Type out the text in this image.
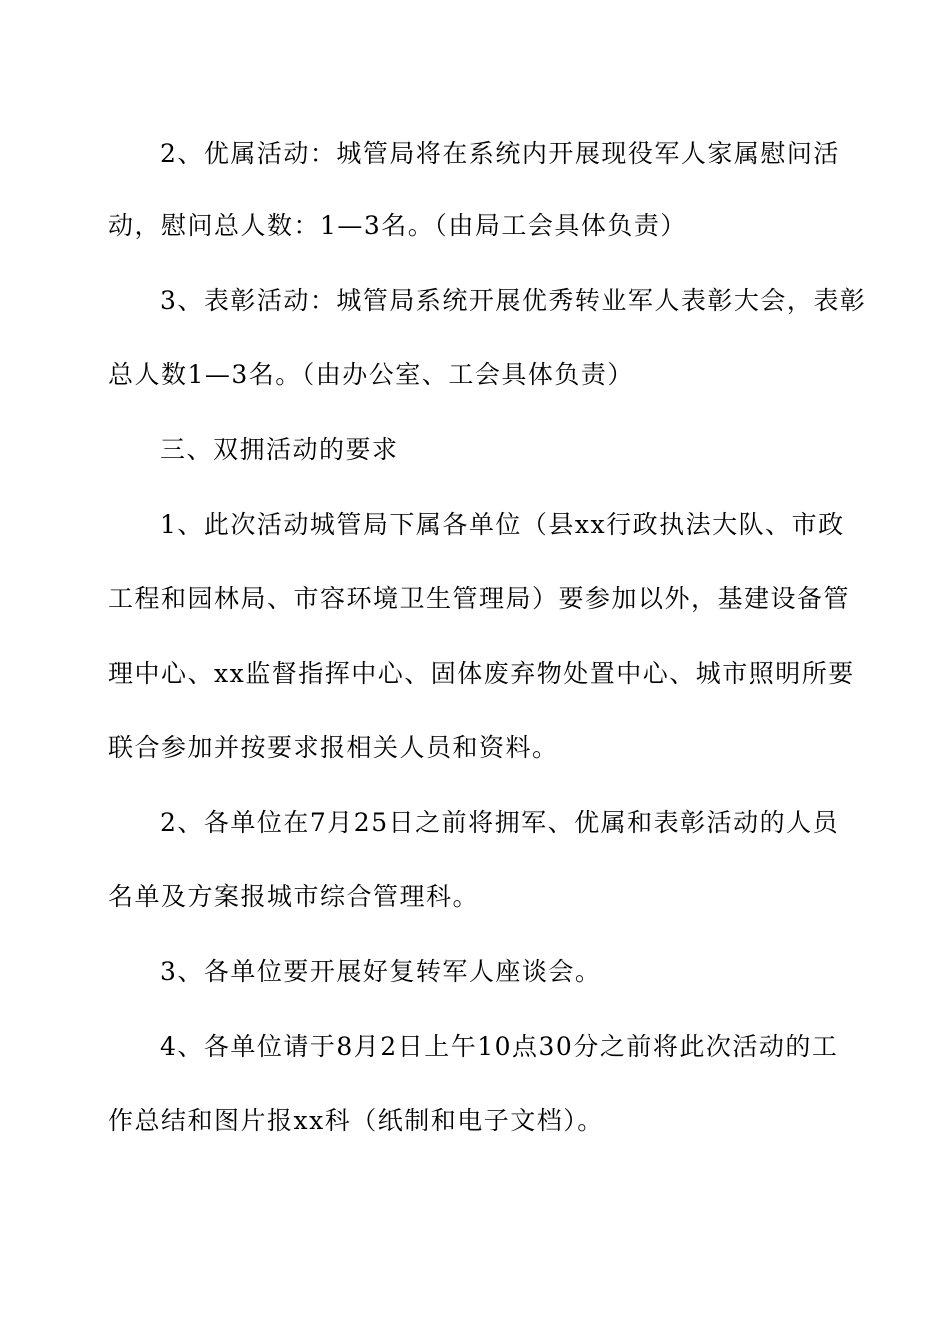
2、优属活动：城管局将在系统内开展现役军人家属慰问活
动，慰问总人数：1—3名。（由局工会具体负责）
3、表彰活动：城管局系统开展优秀转业军人表彰大会，表彰
总人数1—3名。（由办公室、工会具体负责）
三、双拥活动的要求
1、此次活动城管局下属各单位（县xx行政执法大队、市政
工程和园林局、市容环境卫生管理局）要参加以外，基建设备管
理中心、xx监督指挥中心、固体废弃物处置中心、城市照明所要
联合参加并按要求报相关人员和资料。
2、各单位在7月25日之前将拥军、优属和表彰活动的人员
名单及方案报城市综合管理科。
3、各单位要开展好复转军人座谈会。
4、各单位请于8月2日上午10点30分之前将此次活动的工
作总结和图片报xx科（纸制和电子文档）。
